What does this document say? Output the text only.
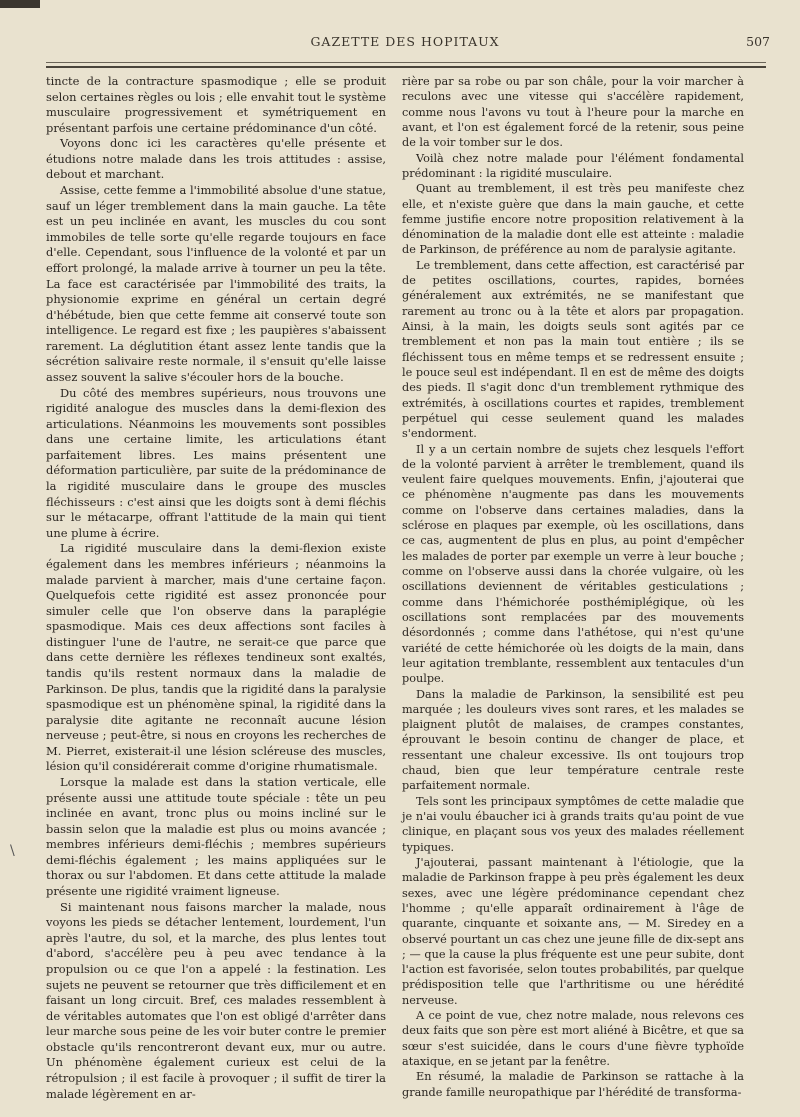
GAZETTE DES HOPITAUX	507
\

tincte de la contracture spasmodique ; elle se produit selon certaines règles ou lois ; elle envahit tout le système musculaire progressivement et symétriquement en présentant parfois une certaine prédominance d'un côté.

Voyons donc ici les caractères qu'elle présente et étudions notre malade dans les trois attitudes : assise, debout et marchant.

Assise, cette femme a l'immobilité absolue d'une statue, sauf un léger tremblement dans la main gauche. La tête est un peu inclinée en avant, les muscles du cou sont immobiles de telle sorte qu'elle regarde toujours en face d'elle. Cependant, sous l'influence de la volonté et par un effort prolongé, la malade arrive à tourner un peu la tête. La face est caractérisée par l'immobilité des traits, la physionomie exprime en général un certain degré d'hébétude, bien que cette femme ait conservé toute son intelligence. Le regard est fixe ; les paupières s'abaissent rarement. La déglutition étant assez lente tandis que la sécrétion salivaire reste normale, il s'ensuit qu'elle laisse assez souvent la salive s'écouler hors de la bouche.

Du côté des membres supérieurs, nous trouvons une rigidité analogue des muscles dans la demi-flexion des articulations. Néanmoins les mouvements sont possibles dans une certaine limite, les articulations étant parfaitement libres. Les mains présentent une déformation particulière, par suite de la prédominance de la rigidité musculaire dans le groupe des muscles fléchisseurs : c'est ainsi que les doigts sont à demi fléchis sur le métacarpe, offrant l'attitude de la main qui tient une plume à écrire.

La rigidité musculaire dans la demi-flexion existe également dans les membres inférieurs ; néanmoins la malade parvient à marcher, mais d'une certaine façon. Quelquefois cette rigidité est assez prononcée pour simuler celle que l'on observe dans la paraplégie spasmodique. Mais ces deux affections sont faciles à distinguer l'une de l'autre, ne serait-ce que parce que dans cette dernière les réflexes tendineux sont exaltés, tandis qu'ils restent normaux dans la maladie de Parkinson. De plus, tandis que la rigidité dans la paralysie spasmodique est un phénomène spinal, la rigidité dans la paralysie dite agitante ne reconnaît aucune lésion nerveuse ; peut-être, si nous en croyons les recherches de M. Pierret, existerait-il une lésion scléreuse des muscles, lésion qu'il considérerait comme d'origine rhumatismale.

Lorsque la malade est dans la station verticale, elle présente aussi une attitude toute spéciale : tête un peu inclinée en avant, tronc plus ou moins incliné sur le bassin selon que la maladie est plus ou moins avancée ; membres inférieurs demi-fléchis ; membres supérieurs demi-fléchis également ; les mains appliquées sur le thorax ou sur l'abdomen. Et dans cette attitude la malade présente une rigidité vraiment ligneuse.

Si maintenant nous faisons marcher la malade, nous voyons les pieds se détacher lentement, lourdement, l'un après l'autre, du sol, et la marche, des plus lentes tout d'abord, s'accélère peu à peu avec tendance à la propulsion ou ce que l'on a appelé : la festination. Les sujets ne peuvent se retourner que très difficilement et en faisant un long circuit. Bref, ces malades ressemblent à de véritables automates que l'on est obligé d'arrêter dans leur marche sous peine de les voir buter contre le premier obstacle qu'ils rencontreront devant eux, mur ou autre. Un phénomène également curieux est celui de la rétropulsion ; il est facile à provoquer ; il suffit de tirer la malade légèrement en ar-

rière par sa robe ou par son châle, pour la voir marcher à reculons avec une vitesse qui s'accélère rapidement, comme nous l'avons vu tout à l'heure pour la marche en avant, et l'on est également forcé de la retenir, sous peine de la voir tomber sur le dos.

Voilà chez notre malade pour l'élément fondamental prédominant : la rigidité musculaire.

Quant au tremblement, il est très peu manifeste chez elle, et n'existe guère que dans la main gauche, et cette femme justifie encore notre proposition relativement à la dénomination de la maladie dont elle est atteinte : maladie de Parkinson, de préférence au nom de paralysie agitante.

Le tremblement, dans cette affection, est caractérisé par de petites oscillations, courtes, rapides, bornées généralement aux extrémités, ne se manifestant que rarement au tronc ou à la tête et alors par propagation. Ainsi, à la main, les doigts seuls sont agités par ce tremblement et non pas la main tout entière ; ils se fléchissent tous en même temps et se redressent ensuite ; le pouce seul est indépendant. Il en est de même des doigts des pieds. Il s'agit donc d'un tremblement rythmique des extrémités, à oscillations courtes et rapides, tremblement perpétuel qui cesse seulement quand les malades s'endorment.

Il y a un certain nombre de sujets chez lesquels l'effort de la volonté parvient à arrêter le tremblement, quand ils veulent faire quelques mouvements. Enfin, j'ajouterai que ce phénomène n'augmente pas dans les mouvements comme on l'observe dans certaines maladies, dans la sclérose en plaques par exemple, où les oscillations, dans ce cas, augmentent de plus en plus, au point d'empêcher les malades de porter par exemple un verre à leur bouche ; comme on l'observe aussi dans la chorée vulgaire, où les oscillations deviennent de véritables gesticulations ; comme dans l'hémichorée posthémiplégique, où les oscillations sont remplacées par des mouvements désordonnés ; comme dans l'athétose, qui n'est qu'une variété de cette hémichorée où les doigts de la main, dans leur agitation tremblante, ressemblent aux tentacules d'un poulpe.

Dans la maladie de Parkinson, la sensibilité est peu marquée ; les douleurs vives sont rares, et les malades se plaignent plutôt de malaises, de crampes constantes, éprouvant le besoin continu de changer de place, et ressentant une chaleur excessive. Ils ont toujours trop chaud, bien que leur température centrale reste parfaitement normale.

Tels sont les principaux symptômes de cette maladie que je n'ai voulu ébaucher ici à grands traits qu'au point de vue clinique, en plaçant sous vos yeux des malades réellement typiques.

J'ajouterai, passant maintenant à l'étiologie, que la maladie de Parkinson frappe à peu près également les deux sexes, avec une légère prédominance cependant chez l'homme ; qu'elle apparaît ordinairement à l'âge de quarante, cinquante et soixante ans, — M. Siredey en a observé pourtant un cas chez une jeune fille de dix-sept ans ; — que la cause la plus fréquente est une peur subite, dont l'action est favorisée, selon toutes probabilités, par quelque prédisposition telle que l'arthritisme ou une hérédité nerveuse.

A ce point de vue, chez notre malade, nous relevons ces deux faits que son père est mort aliéné à Bicêtre, et que sa sœur s'est suicidée, dans le cours d'une fièvre typhoïde ataxique, en se jetant par la fenêtre.

En résumé, la maladie de Parkinson se rattache à la grande famille neuropathique par l'hérédité de transforma-
